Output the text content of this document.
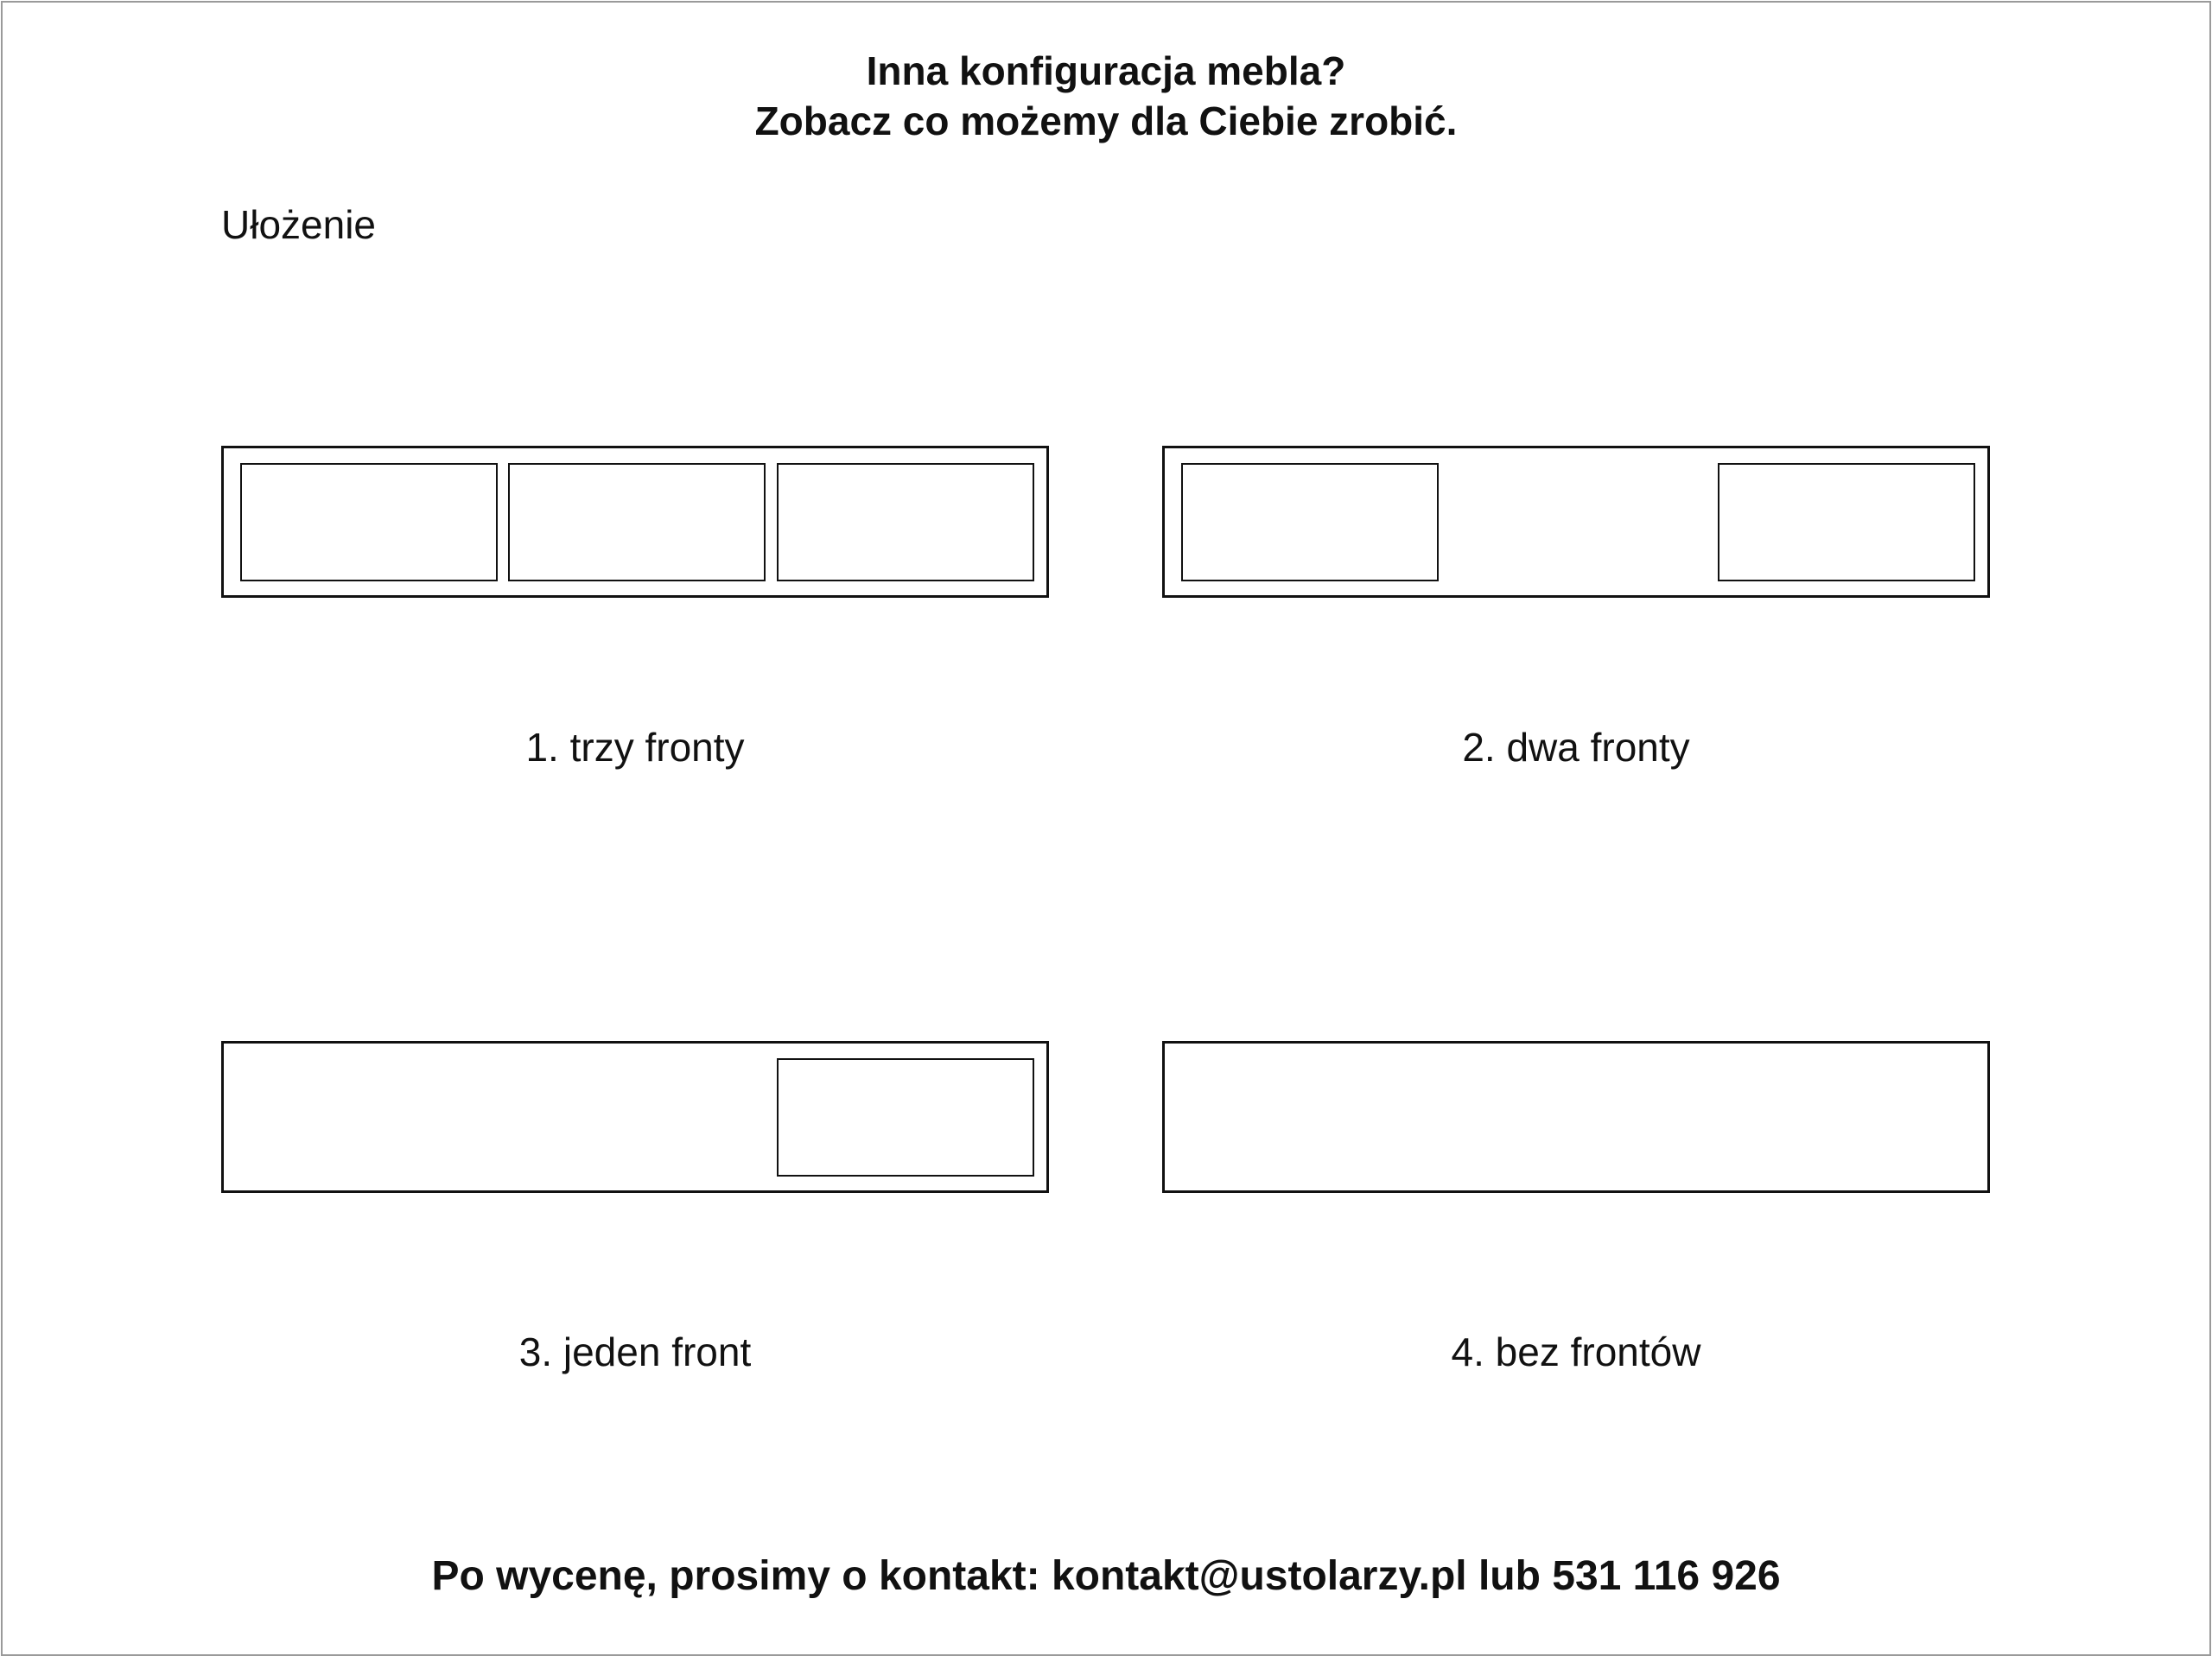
Inna konfiguracja mebla?
Zobacz co możemy dla Ciebie zrobić.
Ułożenie
1. trzy fronty	2. dwa fronty
3. jeden front	4. bez frontów
Po wycenę, prosimy o kontakt: kontakt@ustolarzy.pl lub 531 116 926
